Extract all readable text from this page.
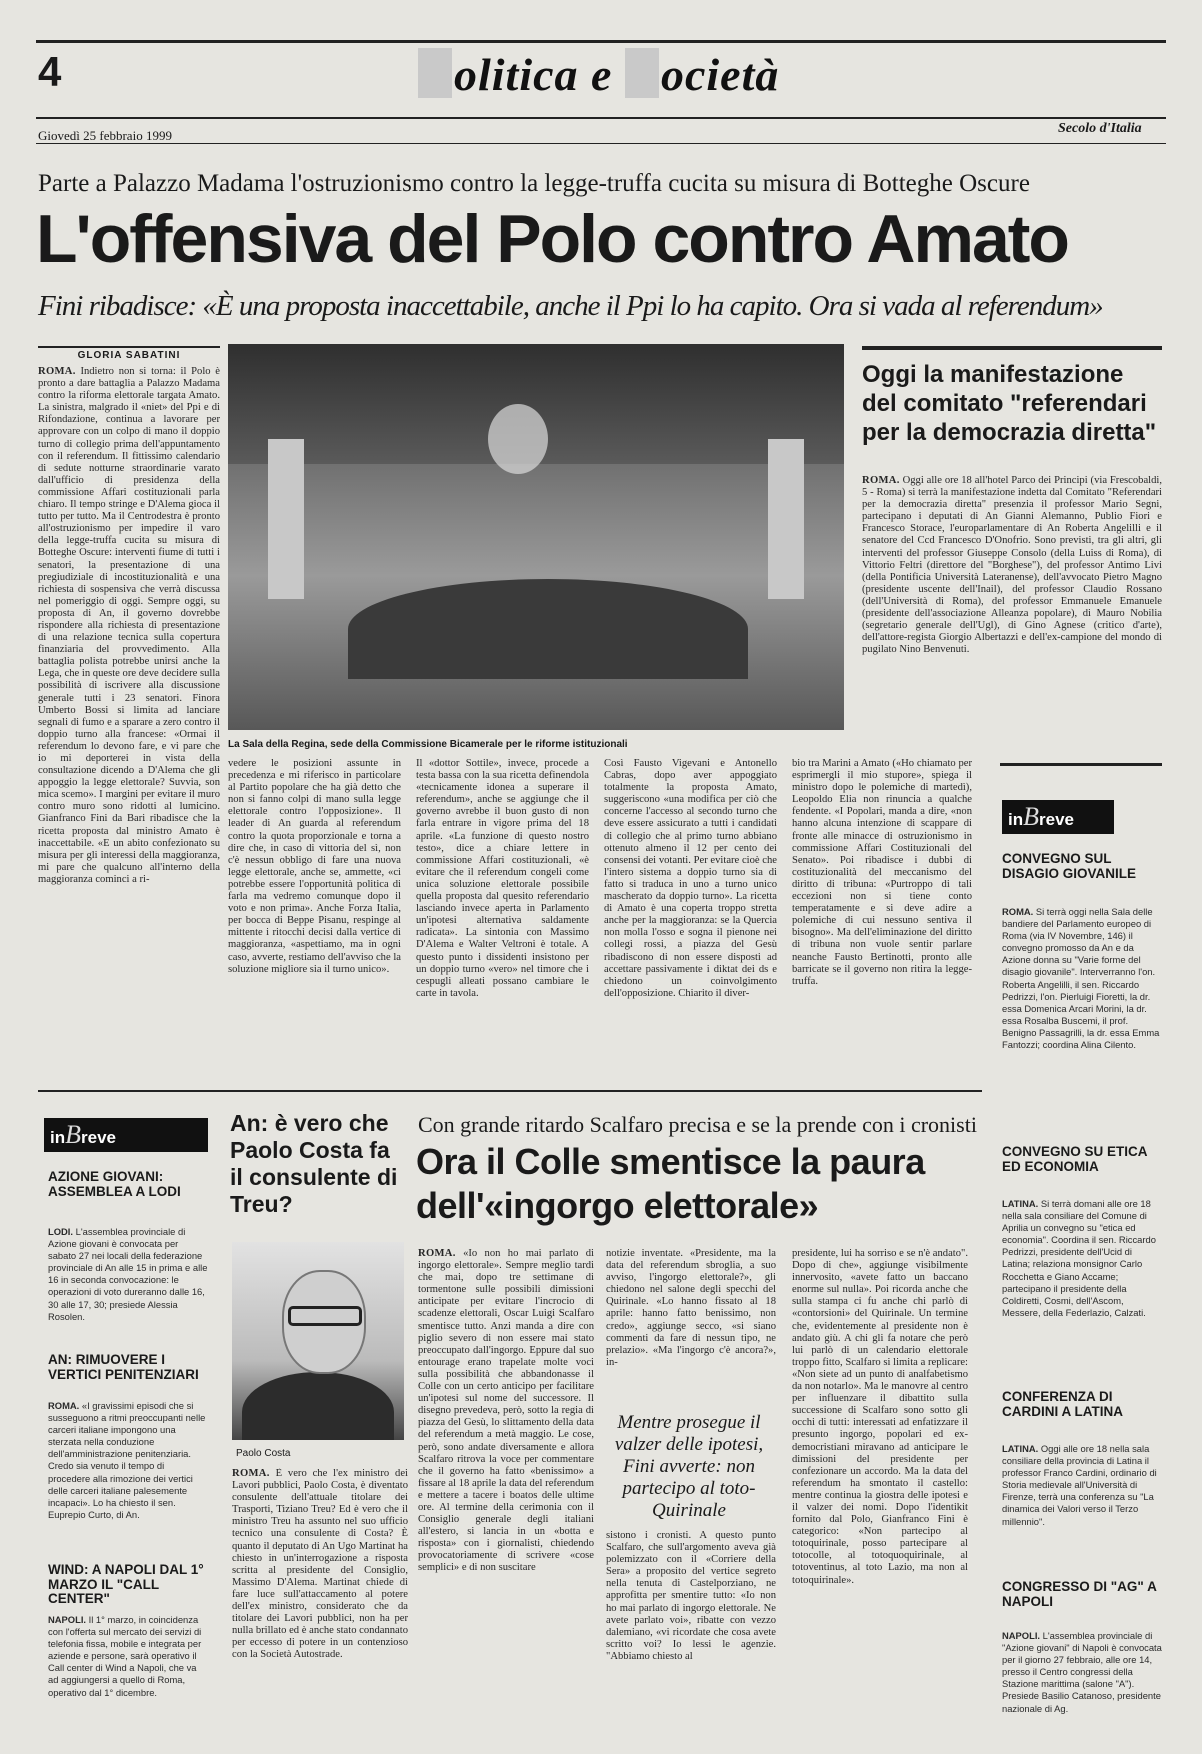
4	olitica e ocietà
Giovedì 25 febbraio 1999	Secolo d'Italia
Parte a Palazzo Madama l'ostruzionismo contro la legge-truffa cucita su misura di Botteghe Oscure
L'offensiva del Polo contro Amato
Fini ribadisce: «È una proposta inaccettabile, anche il Ppi lo ha capito. Ora si vada al referendum»
GLORIA SABATINI
ROMA. Indietro non si torna: il Polo è pronto a dare battaglia a Palazzo Madama contro la riforma elettorale targata Amato. La sinistra, malgrado il «niet» del Ppi e di Rifondazione, continua a lavorare per approvare con un colpo di mano il doppio turno di collegio prima dell'appuntamento con il referendum. Il fittissimo calendario di sedute notturne straordinarie varato dall'ufficio di presidenza della commissione Affari costituzionali parla chiaro. Il tempo stringe e D'Alema gioca il tutto per tutto. Ma il Centrodestra è pronto all'ostruzionismo per impedire il varo della legge-truffa cucita su misura di Botteghe Oscure: interventi fiume di tutti i senatori, la presentazione di una pregiudiziale di incostituzionalità e una richiesta di sospensiva che verrà discussa nel pomeriggio di oggi. Sempre oggi, su proposta di An, il governo dovrebbe rispondere alla richiesta di presentazione di una relazione tecnica sulla copertura finanziaria del provvedimento. Alla battaglia polista potrebbe unirsi anche la Lega, che in queste ore deve decidere sulla possibilità di iscrivere alla discussione generale tutti i 23 senatori. Finora Umberto Bossi si limita ad lanciare segnali di fumo e a sparare a zero contro il doppio turno alla francese: «Ormai il referendum lo devono fare, e vi pare che io mi deporterei in vista della consultazione dicendo a D'Alema che gli appoggio la legge elettorale? Suvvia, son mica scemo». I margini per evitare il muro contro muro sono ridotti al lumicino. Gianfranco Fini da Bari ribadisce che la ricetta proposta dal ministro Amato è inaccettabile. «E un abito confezionato su misura per gli interessi della maggioranza, mi pare che qualcuno all'interno della maggioranza cominci a ri-
La Sala della Regina, sede della Commissione Bicamerale per le riforme istituzionali
vedere le posizioni assunte in precedenza e mi riferisco in particolare al Partito popolare che ha già detto che non si fanno colpi di mano sulla legge elettorale contro l'opposizione». Il leader di An guarda al referendum contro la quota proporzionale e torna a dire che, in caso di vittoria del sì, non c'è nessun obbligo di fare una nuova legge elettorale, anche se, ammette, «ci potrebbe essere l'opportunità politica di farla ma vedremo comunque dopo il voto e non prima». Anche Forza Italia, per bocca di Beppe Pisanu, respinge al mittente i ritocchi decisi dalla vertice di maggioranza, «aspettiamo, ma in ogni caso, avverte, restiamo dell'avviso che la soluzione migliore sia il turno unico».
Il «dottor Sottile», invece, procede a testa bassa con la sua ricetta definendola «tecnicamente idonea a superare il referendum», anche se aggiunge che il governo avrebbe il buon gusto di non farla entrare in vigore prima del 18 aprile. «La funzione di questo nostro testo», dice a chiare lettere in commissione Affari costituzionali, «è evitare che il referendum congeli come unica soluzione elettorale possibile quella proposta dal quesito referendario lasciando invece aperta in Parlamento un'ipotesi alternativa saldamente radicata». La sintonia con Massimo D'Alema e Walter Veltroni è totale. A questo punto i dissidenti insistono per un doppio turno «vero» nel timore che i cespugli alleati possano cambiare le carte in tavola.
Così Fausto Vigevani e Antonello Cabras, dopo aver appoggiato totalmente la proposta Amato, suggeriscono «una modifica per ciò che concerne l'accesso al secondo turno che deve essere assicurato a tutti i candidati di collegio che al primo turno abbiano ottenuto almeno il 12 per cento dei consensi dei votanti. Per evitare cioè che l'intero sistema a doppio turno sia di fatto si traduca in uno a turno unico mascherato da doppio turno». La ricetta di Amato è una coperta troppo stretta anche per la maggioranza: se la Quercia non molla l'osso e sogna il pienone nei collegi rossi, a piazza del Gesù ribadiscono di non essere disposti ad accettare passivamente i diktat dei ds e chiedono un coinvolgimento dell'opposizione. Chiarito il diver-
bio tra Marini a Amato («Ho chiamato per esprimergli il mio stupore», spiega il ministro dopo le polemiche di martedì), Leopoldo Elia non rinuncia a qualche fendente. «I Popolari, manda a dire, «non hanno alcuna intenzione di scappare di fronte alle minacce di ostruzionismo in commissione Affari Costituzionali del Senato». Poi ribadisce i dubbi di costituzionalità del meccanismo del diritto di tribuna: «Purtroppo di tali eccezioni non si tiene conto temperatamente e si deve adire a polemiche di cui nessuno sentiva il bisogno». Ma dell'eliminazione del diritto di tribuna non vuole sentir parlare neanche Fausto Bertinotti, pronto alle barricate se il governo non ritira la legge-truffa.
Oggi la manifestazione del comitato "referendari per la democrazia diretta"
ROMA. Oggi alle ore 18 all'hotel Parco dei Principi (via Frescobaldi, 5 - Roma) si terrà la manifestazione indetta dal Comitato "Referendari per la democrazia diretta" presenzia il professor Mario Segni, partecipano i deputati di An Gianni Alemanno, Publio Fiori e Francesco Storace, l'europarlamentare di An Roberta Angelilli e il senatore del Ccd Francesco D'Onofrio. Sono previsti, tra gli altri, gli interventi del professor Giuseppe Consolo (della Luiss di Roma), di Vittorio Feltri (direttore del "Borghese"), del professor Antimo Livi (della Pontificia Università Lateranense), dell'avvocato Pietro Magno (presidente uscente dell'Inail), del professor Claudio Rossano (dell'Università di Roma), del professor Emmanuele Emanuele (presidente dell'associazione Alleanza popolare), di Mauro Nobilia (segretario generale dell'Ugl), di Gino Agnese (critico d'arte), dell'attore-regista Giorgio Albertazzi e dell'ex-campione del mondo di pugilato Nino Benvenuti.
inBreve
CONVEGNO SUL DISAGIO GIOVANILE
ROMA. Si terrà oggi nella Sala delle bandiere del Parlamento europeo di Roma (via IV Novembre, 146) il convegno promosso da An e da Azione donna su "Varie forme del disagio giovanile". Interverranno l'on. Roberta Angelilli, il sen. Riccardo Pedrizzi, l'on. Pierluigi Fioretti, la dr. essa Domenica Arcari Morini, la dr. essa Rosalba Buscemi, il prof. Benigno Passagrilli, la dr. essa Emma Fantozzi; coordina Alina Cilento.
CONVEGNO SU ETICA ED ECONOMIA
LATINA. Si terrà domani alle ore 18 nella sala consiliare del Comune di Aprilia un convegno su "etica ed economia". Coordina il sen. Riccardo Pedrizzi, presidente dell'Ucid di Latina; relaziona monsignor Carlo Rocchetta e Giano Accame; partecipano il presidente della Coldiretti, Cosmi, dell'Ascom, Messere, della Federlazio, Calzati.
CONFERENZA DI CARDINI A LATINA
LATINA. Oggi alle ore 18 nella sala consiliare della provincia di Latina il professor Franco Cardini, ordinario di Storia medievale all'Università di Firenze, terrà una conferenza su "La dinamica dei Valori verso il Terzo millennio".
CONGRESSO DI "AG" A NAPOLI
NAPOLI. L'assemblea provinciale di "Azione giovani" di Napoli è convocata per il giorno 27 febbraio, alle ore 14, presso il Centro congressi della Stazione marittima (salone "A"). Presiede Basilio Catanoso, presidente nazionale di Ag.
inBreve
AZIONE GIOVANI: ASSEMBLEA A LODI
LODI. L'assemblea provinciale di Azione giovani è convocata per sabato 27 nei locali della federazione provinciale di An alle 15 in prima e alle 16 in seconda convocazione: le operazioni di voto dureranno dalle 16, 30 alle 17, 30; presiede Alessia Rosolen.
AN: RIMUOVERE I VERTICI PENITENZIARI
ROMA. «I gravissimi episodi che si susseguono a ritmi preoccupanti nelle carceri italiane impongono una sterzata nella conduzione dell'amministrazione penitenziaria. Credo sia venuto il tempo di procedere alla rimozione dei vertici delle carceri italiane palesemente incapaci». Lo ha chiesto il sen. Euprepio Curto, di An.
WIND: A NAPOLI DAL 1° MARZO IL "CALL CENTER"
NAPOLI. Il 1° marzo, in coincidenza con l'offerta sul mercato dei servizi di telefonia fissa, mobile e integrata per aziende e persone, sarà operativo il Call center di Wind a Napoli, che va ad aggiungersi a quello di Roma, operativo dal 1° dicembre.
An: è vero che Paolo Costa fa il consulente di Treu?
Paolo Costa
ROMA. È vero che l'ex ministro dei Lavori pubblici, Paolo Costa, è diventato consulente dell'attuale titolare dei Trasporti, Tiziano Treu? Ed è vero che il ministro Treu ha assunto nel suo ufficio tecnico una consulente di Costa? È quanto il deputato di An Ugo Martinat ha chiesto in un'interrogazione a risposta scritta al presidente del Consiglio, Massimo D'Alema. Martinat chiede di fare luce sull'attaccamento al potere dell'ex ministro, considerato che da titolare dei Lavori pubblici, non ha per nulla brillato ed è anche stato condannato per eccesso di potere in un contenzioso con la Società Autostrade.
Con grande ritardo Scalfaro precisa e se la prende con i cronisti
Ora il Colle smentisce la paura dell'«ingorgo elettorale»
ROMA. «Io non ho mai parlato di ingorgo elettorale». Sempre meglio tardi che mai, dopo tre settimane di tormentone sulle possibili dimissioni anticipate per evitare l'incrocio di scadenze elettorali, Oscar Luigi Scalfaro smentisce tutto. Anzi manda a dire con piglio severo di non essere mai stato preoccupato dall'ingorgo. Eppure dal suo entourage erano trapelate molte voci sulla possibilità che abbandonasse il Colle con un certo anticipo per facilitare un'ipotesi sul nome del successore. Il disegno prevedeva, però, sotto la regia di piazza del Gesù, lo slittamento della data del referendum a metà maggio. Le cose, però, sono andate diversamente e allora Scalfaro ritrova la voce per commentare che il governo ha fatto «benissimo» a fissare al 18 aprile la data del referendum e mettere a tacere i boatos delle ultime ore. Al termine della cerimonia con il Consiglio generale degli italiani all'estero, si lancia in un «botta e risposta» con i giornalisti, chiedendo provocatoriamente di scrivere «cose semplici» e di non suscitare
notizie inventate. «Presidente, ma la data del referendum sbroglia, a suo avviso, l'ingorgo elettorale?», gli chiedono nel salone degli specchi del Quirinale. «Lo hanno fissato al 18 aprile: hanno fatto benissimo, non credo», aggiunge secco, «si siano commenti da fare di nessun tipo, ne prelazio». «Ma l'ingorgo c'è ancora?», in-
Mentre prosegue il valzer delle ipotesi, Fini avverte: non partecipo al toto-Quirinale
sistono i cronisti. A questo punto Scalfaro, che sull'argomento aveva già polemizzato con il «Corriere della Sera» a proposito del vertice segreto nella tenuta di Castelporziano, ne approfitta per smentire tutto: «Io non ho mai parlato di ingorgo elettorale. Ne avete parlato voi», ribatte con vezzo dalemiano, «vi ricordate che cosa avete scritto voi? Io lessi le agenzie. "Abbiamo chiesto al
presidente, lui ha sorriso e se n'è andato". Dopo di che», aggiunge visibilmente innervosito, «avete fatto un baccano enorme sul nulla». Poi ricorda anche che sulla stampa ci fu anche chi parlò di «contorsioni» del Quirinale. Un termine che, evidentemente al presidente non è andato giù. A chi gli fa notare che però lui parlò di un calendario elettorale troppo fitto, Scalfaro si limita a replicare: «Non siete ad un punto di analfabetismo da non notarlo». Ma le manovre al centro per influenzare il dibattito sulla successione di Scalfaro sono sotto gli occhi di tutti: interessati ad enfatizzare il presunto ingorgo, popolari ed ex-democristiani miravano ad anticipare le dimissioni del presidente per confezionare un accordo. Ma la data del referendum ha smontato il castello: mentre continua la giostra delle ipotesi e il valzer dei nomi. Dopo l'identikit fornito dal Polo, Gianfranco Fini è categorico: «Non partecipo al totoquirinale, posso partecipare al totocolle, al totoquoquirinale, al totoventinus, al toto Lazio, ma non al totoquirinale».
